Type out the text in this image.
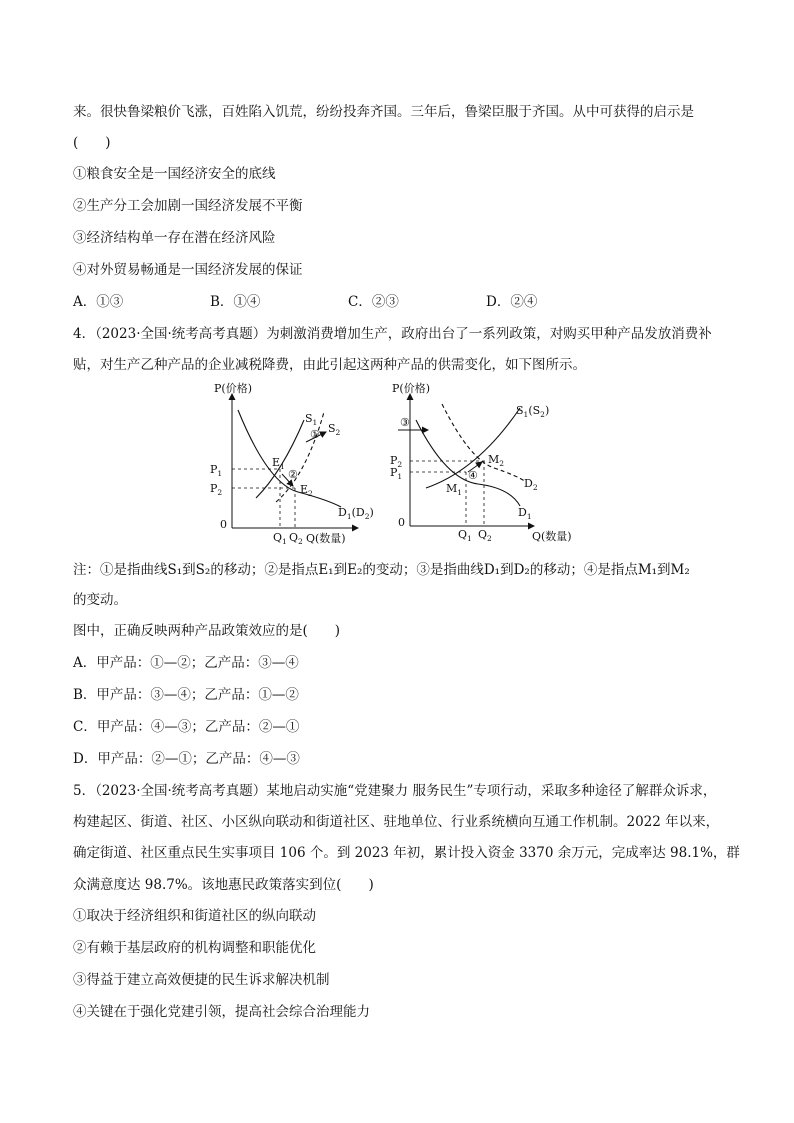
来。很快鲁梁粮价飞涨，百姓陷入饥荒，纷纷投奔齐国。三年后，鲁梁臣服于齐国。从中可获得的启示是
(　　)
①粮食安全是一国经济安全的底线
②生产分工会加剧一国经济发展不平衡
③经济结构单一存在潜在经济风险
④对外贸易畅通是一国经济发展的保证
A．①③	B．①④	C．②③	D．②④
4．（2023·全国·统考高考真题）为刺激消费增加生产，政府出台了一系列政策，对购买甲种产品发放消费补
贴，对生产乙种产品的企业减税降费，由此引起这两种产品的供需变化，如下图所示。
P(价格)
Q(数量)
0
①
②
$S_1$ $S_2$
$D_1(D_2)$
$E_1$
$E_2$
$P_1$
$P_2$
$Q_1$ $Q_2$
P(价格)
Q(数量)
0
③
④
$S_1(S_2)$
$D_2$
$D_1$
$M_2$
$M_1$
$P_2$
$P_1$
$Q_1$ $Q_2$
注：①是指曲线S₁到S₂的移动；②是指点E₁到E₂的变动；③是指曲线D₁到D₂的移动；④是指点M₁到M₂
的变动。
图中，正确反映两种产品政策效应的是(　　)
A．甲产品：①—②；乙产品：③—④
B．甲产品：③—④；乙产品：①—②
C．甲产品：④—③；乙产品：②—①
D．甲产品：②—①；乙产品：④—③
5．（2023·全国·统考高考真题）某地启动实施“党建聚力 服务民生”专项行动，采取多种途径了解群众诉求，
构建起区、街道、社区、小区纵向联动和街道社区、驻地单位、行业系统横向互通工作机制。2022 年以来，
确定街道、社区重点民生实事项目 106 个。到 2023 年初，累计投入资金 3370 余万元，完成率达 98.1%，群
众满意度达 98.7%。该地惠民政策落实到位(　　)
①取决于经济组织和街道社区的纵向联动
②有赖于基层政府的机构调整和职能优化
③得益于建立高效便捷的民生诉求解决机制
④关键在于强化党建引领，提高社会综合治理能力
